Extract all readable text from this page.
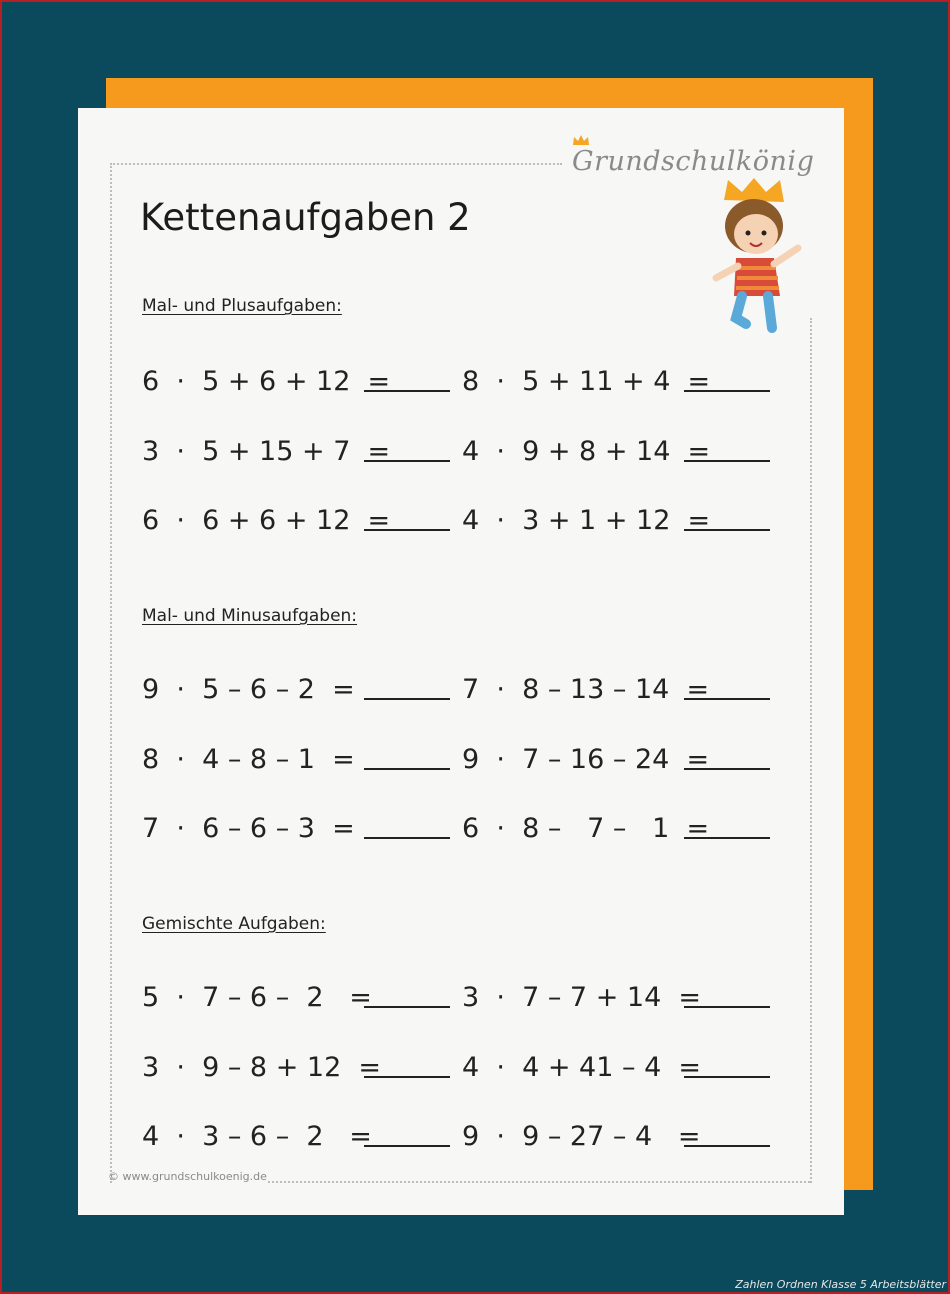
Grundschulkönig
Kettenaufgaben 2
Mal- und Plusaufgaben:
6  ·  5 + 6 + 12  =	8  ·  5 + 11 + 4  =
3  ·  5 + 15 + 7  =	4  ·  9 + 8 + 14  =
6  ·  6 + 6 + 12  =	4  ·  3 + 1 + 12  =
Mal- und Minusaufgaben:
9  ·  5 – 6 – 2  =	7  ·  8 – 13 – 14  =
8  ·  4 – 8 – 1  =	9  ·  7 – 16 – 24  =
7  ·  6 – 6 – 3  =	6  ·  8 –   7 –   1  =
Gemischte Aufgaben:
5  ·  7 – 6 –  2   =	3  ·  7 – 7 + 14  =
3  ·  9 – 8 + 12  =	4  ·  4 + 41 – 4  =
4  ·  3 – 6 –  2   =	9  ·  9 – 27 – 4   =
© www.grundschulkoenig.de
Zahlen Ordnen Klasse 5 Arbeitsblätter
